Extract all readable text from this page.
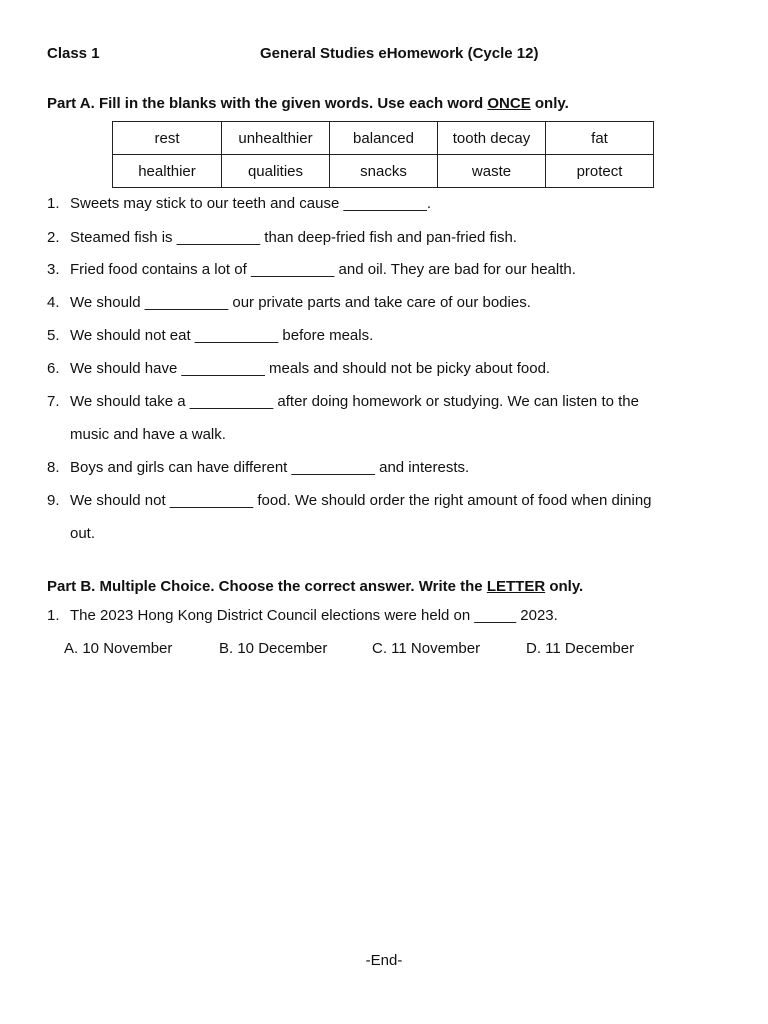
Class 1	General Studies eHomework (Cycle 12)
Part A. Fill in the blanks with the given words. Use each word ONCE only.
rest	unhealthier	balanced	tooth decay	fat
healthier	qualities	snacks	waste	protect
1. Sweets may stick to our teeth and cause __________.
2. Steamed fish is __________ than deep-fried fish and pan-fried fish.
3. Fried food contains a lot of __________ and oil. They are bad for our health.
4. We should __________ our private parts and take care of our bodies.
5. We should not eat __________ before meals.
6. We should have __________ meals and should not be picky about food.
7. We should take a __________ after doing homework or studying. We can listen to the
music and have a walk.
8. Boys and girls can have different __________ and interests.
9. We should not __________ food. We should order the right amount of food when dining
out.
Part B. Multiple Choice. Choose the correct answer. Write the LETTER only.
1. The 2023 Hong Kong District Council elections were held on _____ 2023.
A. 10 November	B. 10 December	C. 11 November	D. 11 December
-End-
